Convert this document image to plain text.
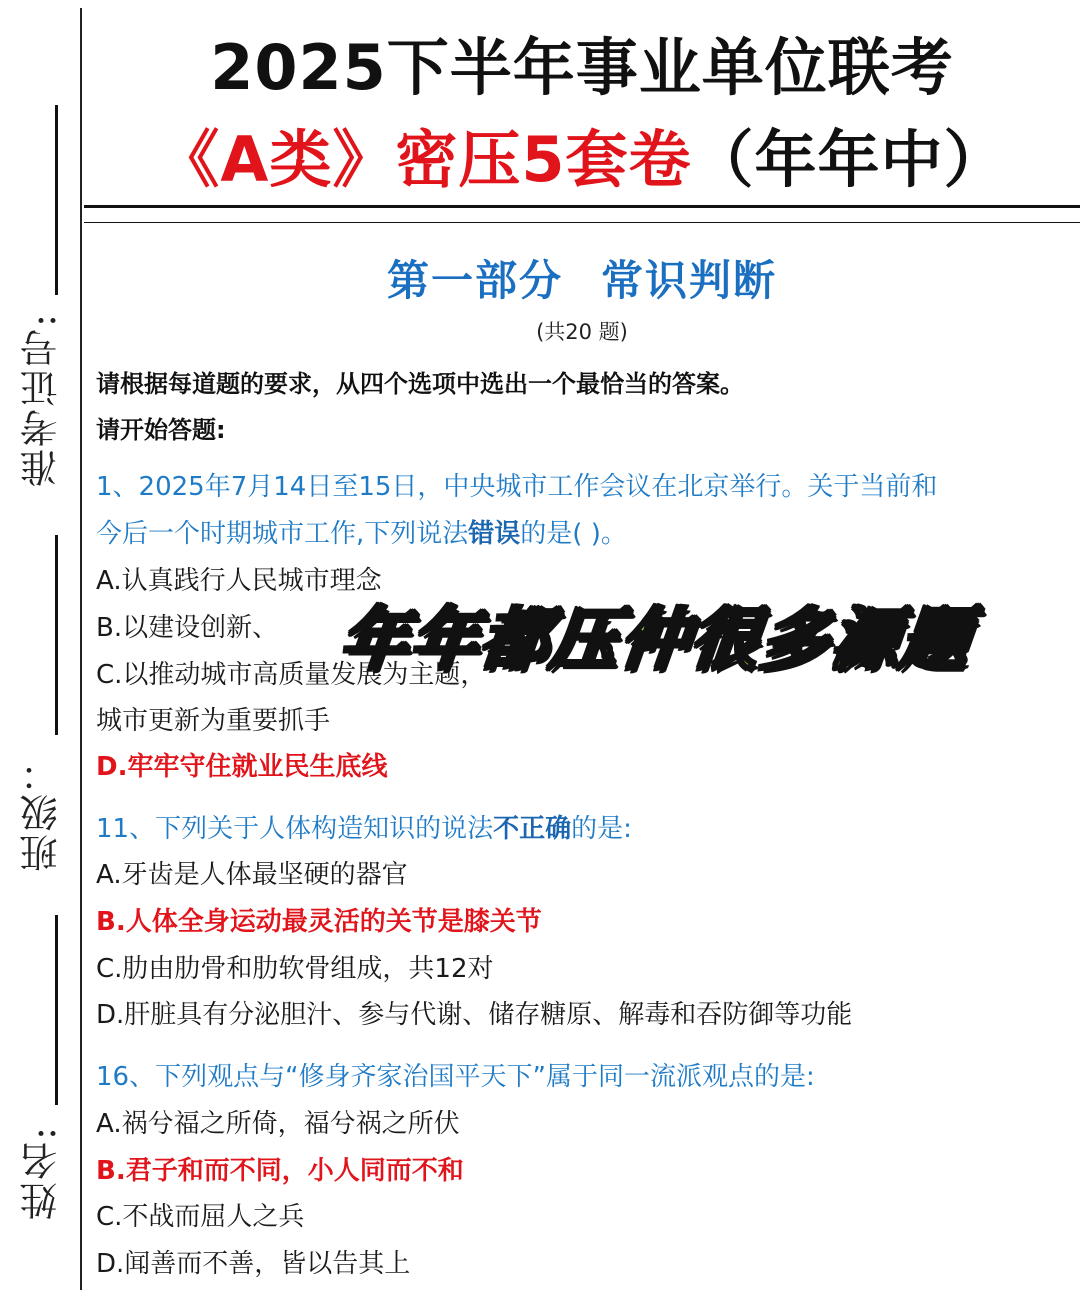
准考证号:
班级：
姓名:
2025下半年事业单位联考
《A类》密压5套卷（年年中）
第一部分 常识判断
(共20 题)
请根据每道题的要求，从四个选项中选出一个最恰当的答案。
请开始答题:
1、2025年7月14日至15日，中央城市工作会议在北京举行。关于当前和
今后一个时期城市工作,下列说法错误的是( )。
A.认真践行人民城市理念
B.以建设创新、
C.以推动城市高质量发展为主题，
城市更新为重要抓手
D.牢牢守住就业民生底线
11、下列关于人体构造知识的说法不正确的是:
A.牙齿是人体最坚硬的器官
B.人体全身运动最灵活的关节是膝关节
C.肋由肋骨和肋软骨组成，共12对
D.肝脏具有分泌胆汁、参与代谢、储存糖原、解毒和吞防御等功能
16、下列观点与“修身齐家治国平天下”属于同一流派观点的是:
A.祸兮福之所倚，福兮祸之所伏
B.君子和而不同，小人同而不和
C.不战而屈人之兵
D.闻善而不善，皆以告其上
年年都压仲很多源题
